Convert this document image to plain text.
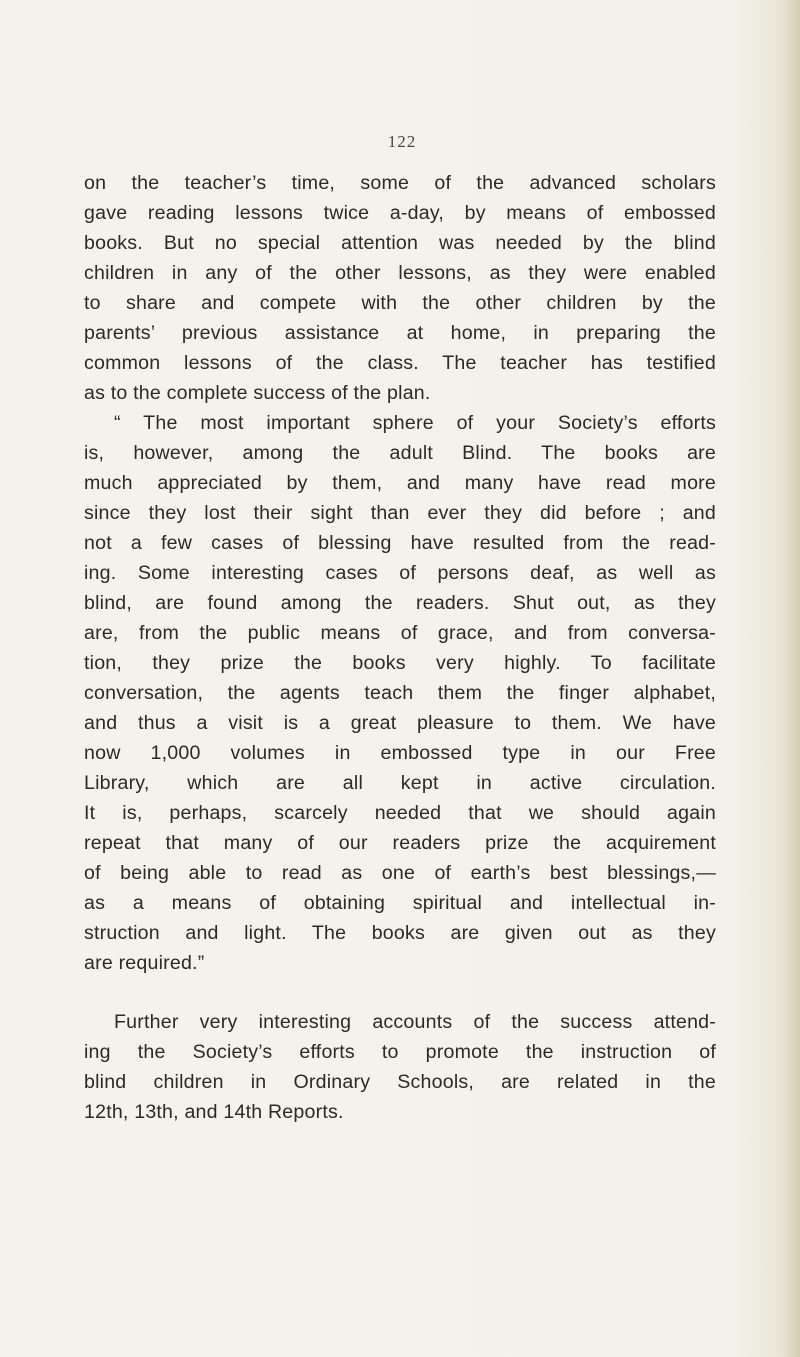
122
on the teacher’s time, some of the advanced scholars
gave reading lessons twice a-day, by means of embossed
books. But no special attention was needed by the blind
children in any of the other lessons, as they were enabled
to share and compete with the other children by the
parents’ previous assistance at home, in preparing the
common lessons of the class. The teacher has testified
as to the complete success of the plan.
“ The most important sphere of your Society’s efforts
is, however, among the adult Blind. The books are
much appreciated by them, and many have read more
since they lost their sight than ever they did before ; and
not a few cases of blessing have resulted from the read-
ing. Some interesting cases of persons deaf, as well as
blind, are found among the readers. Shut out, as they
are, from the public means of grace, and from conversa-
tion, they prize the books very highly. To facilitate
conversation, the agents teach them the finger alphabet,
and thus a visit is a great pleasure to them. We have
now 1,000 volumes in embossed type in our Free
Library, which are all kept in active circulation.
It is, perhaps, scarcely needed that we should again
repeat that many of our readers prize the acquirement
of being able to read as one of earth’s best blessings,—
as a means of obtaining spiritual and intellectual in-
struction and light. The books are given out as they
are required.”
Further very interesting accounts of the success attend-
ing the Society’s efforts to promote the instruction of
blind children in Ordinary Schools, are related in the
12th, 13th, and 14th Reports.
